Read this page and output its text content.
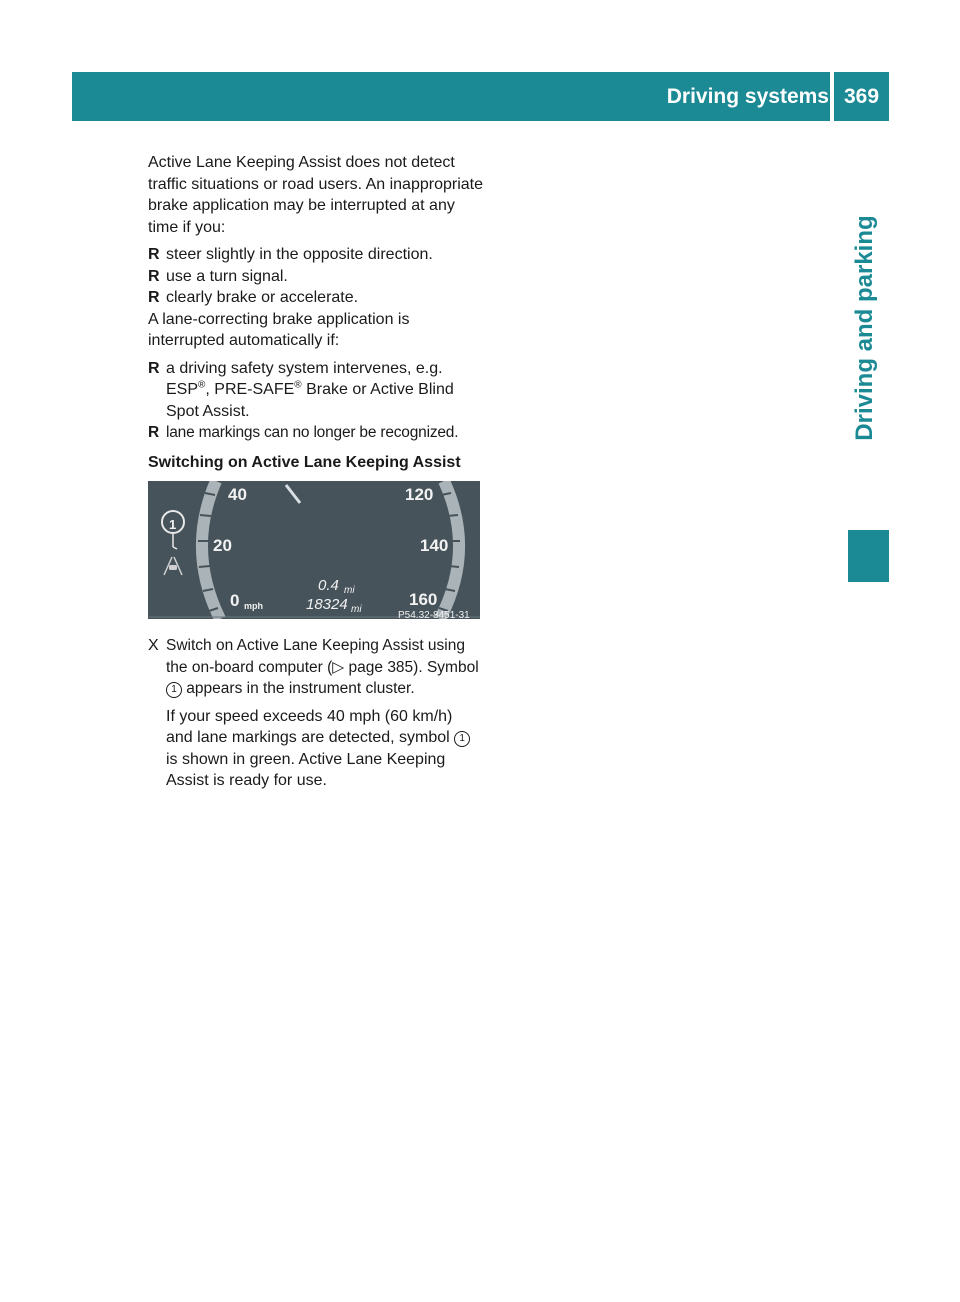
Driving systems 369
Driving and parking

Active Lane Keeping Assist does not detect traffic situations or road users. An inappropriate brake application may be interrupted at any time if you:

R steer slightly in the opposite direction.

R use a turn signal.

R clearly brake or accelerate.

A lane-correcting brake application is interrupted automatically if:

R a driving safety system intervenes, e.g. ESP®, PRE-SAFE® Brake or Active Blind Spot Assist.

R lane markings can no longer be recognized.

Switching on Active Lane Keeping Assist

1
40
20
0 mph
120
140
160
0.4 mi
18324 mi
P54.32-8451-31
X Switch on Active Lane Keeping Assist using the on-board computer (▷ page 385). Symbol 1 appears in the instrument cluster.

If your speed exceeds 40 mph (60 km/h) and lane markings are detected, symbol 1 is shown in green. Active Lane Keeping Assist is ready for use.
